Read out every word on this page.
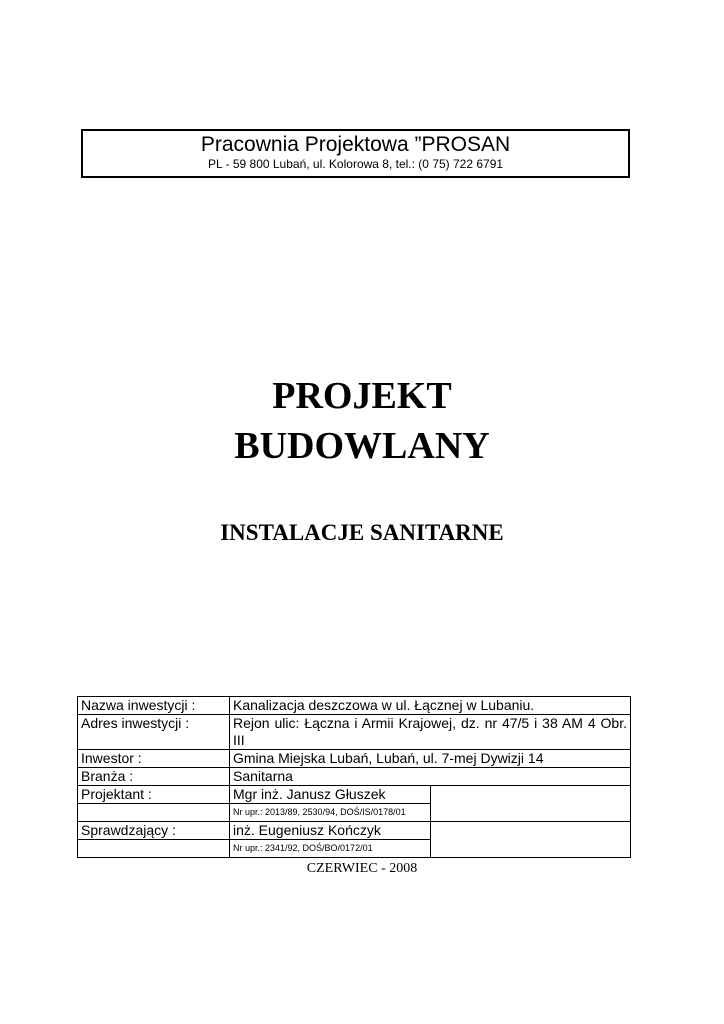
Pracownia Projektowa ”PROSAN
PL - 59 800 Lubań, ul. Kolorowa 8, tel.: (0 75) 722 6791
PROJEKT
BUDOWLANY
INSTALACJE SANITARNE
Nazwa inwestycji :	Kanalizacja deszczowa w ul. Łącznej w Lubaniu.	
Adres inwestycji :	Rejon ulic: Łączna i Armii Krajowej, dz. nr 47/5 i 38 AM 4 Obr. III	
Inwestor :	Gmina Miejska Lubań, Lubań, ul. 7-mej Dywizji 14	
Branża :	Sanitarna	
Projektant :	Mgr inż. Janusz Głuszek	
	Nr upr.: 2013/89, 2530/94, DOŚ/IS/0178/01	
Sprawdzający :	inż. Eugeniusz Kończyk	
	Nr upr.: 2341/92, DOŚ/BO/0172/01	
CZERWIEC - 2008
